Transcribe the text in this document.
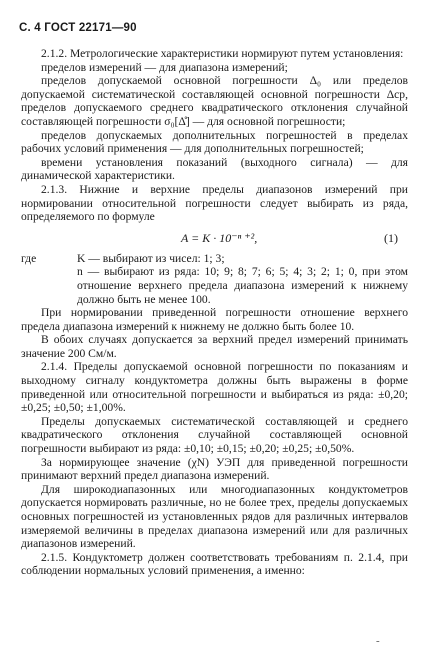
С. 4 ГОСТ 22171—90

2.1.2. Метрологические характеристики нормируют путем установления:

пределов измерений — для диапазона измерений;

пределов допускаемой основной погрешности Δ₀ или пределов допускаемой систематической составляющей основной погрешности Δср, пределов допускаемого среднего квадратического отклонения случайной составляющей погрешности σ₀[Δ̊] — для основной погрешности;

пределов допускаемых дополнительных погрешностей в пределах рабочих условий применения — для дополнительных погрешностей;

времени установления показаний (выходного сигнала) — для динамической характеристики.

2.1.3. Нижние и верхние пределы диапазонов измерений при нормировании относительной погрешности следует выбирать из ряда, определяемого по формуле

A = K · 10⁻ⁿ ⁺²,	(1)
где	K — выбирают из чисел: 1; 3;
n — выбирают из ряда: 10; 9; 8; 7; 6; 5; 4; 3; 2; 1; 0, при этом отношение верхнего предела диапазона измерений к нижнему должно быть не менее 100.

При нормировании приведенной погрешности отношение верхнего предела диапазона измерений к нижнему не должно быть более 10.

В обоих случаях допускается за верхний предел измерений принимать значение 200 См/м.

2.1.4. Пределы допускаемой основной погрешности по показаниям и выходному сигналу кондуктометра должны быть выражены в форме приведенной или относительной погрешности и выбираться из ряда: ±0,20; ±0,25; ±0,50; ±1,00%.

Пределы допускаемых систематической составляющей и среднего квадратического отклонения случайной составляющей основной погрешности выбирают из ряда: ±0,10; ±0,15; ±0,20; ±0,25; ±0,50%.

За нормирующее значение (χN) УЭП для приведенной погрешности принимают верхний предел диапазона измерений.

Для широкодиапазонных или многодиапазонных кондуктометров допускается нормировать различные, но не более трех, пределы допускаемых основных погрешностей из установленных рядов для различных интервалов измеряемой величины в пределах диапазона измерений или для различных диапазонов измерений.

2.1.5. Кондуктометр должен соответствовать требованиям п. 2.1.4, при соблюдении нормальных условий применения, а именно:

-
